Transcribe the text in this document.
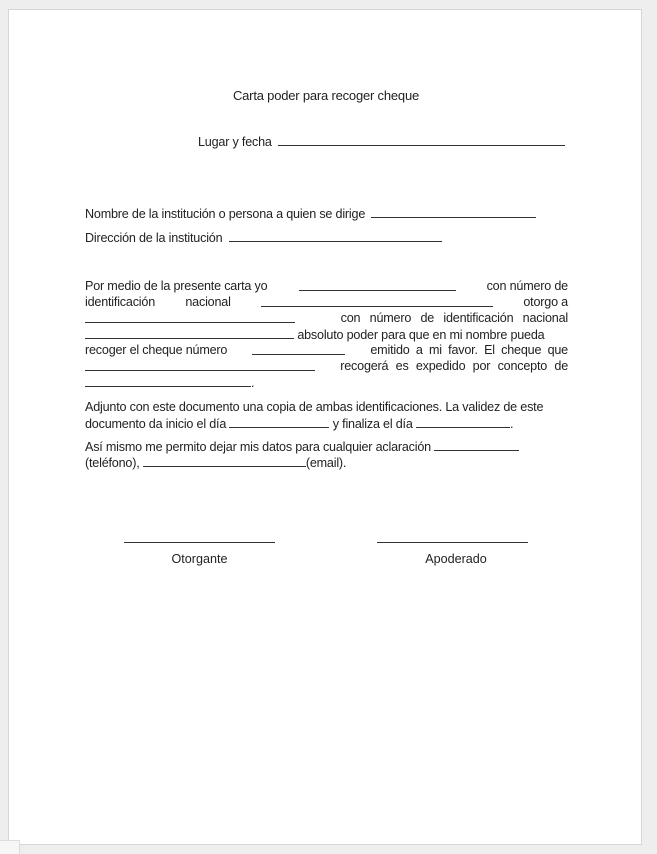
Carta poder para recoger cheque
Lugar y fecha
Nombre de la institución o persona a quien se dirige
Dirección de la institución
Por medio de la presente carta yo	con número de
identificación nacional	otorgo a
con número de identificación nacional
absoluto poder para que en mi nombre pueda
recoger el cheque número	emitido a mi favor. El cheque que
recogerá es expedido por concepto de
.
Adjunto con este documento una copia de ambas identificaciones. La validez de este
documento da inicio el día	y finaliza el día	.
Así mismo me permito dejar mis datos para cualquier aclaración
(teléfono),	(email).
Otorgante	Apoderado
